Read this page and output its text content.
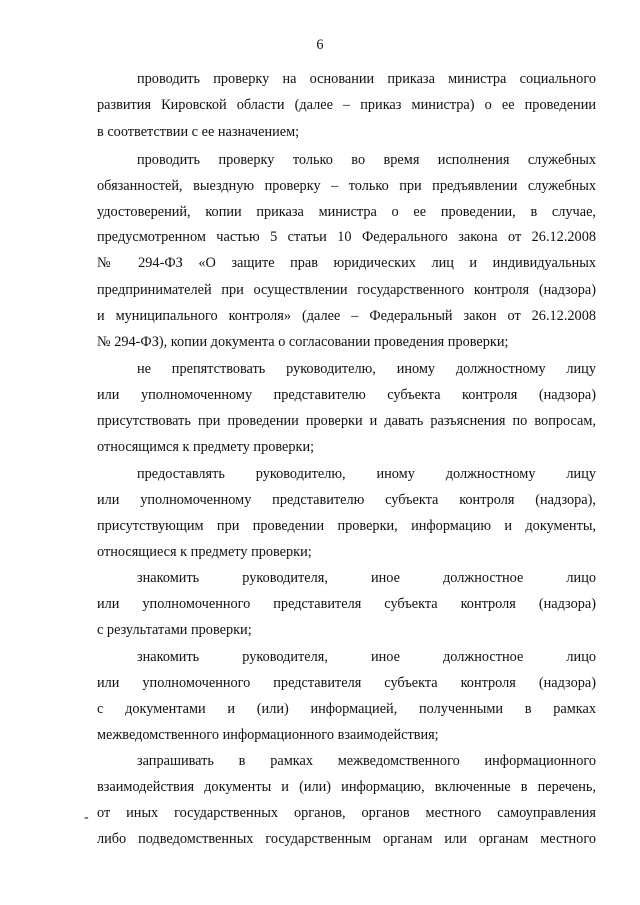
6
проводить проверку на основании приказа министра социального
развития Кировской области (далее – приказ министра) о ее проведении
в соответствии с ее назначением;
проводить проверку только во время исполнения служебных
обязанностей, выездную проверку – только при предъявлении служебных
удостоверений, копии приказа министра о ее проведении, в случае,
предусмотренном частью 5 статьи 10 Федерального закона от 26.12.2008
№ 294-ФЗ «О защите прав юридических лиц и индивидуальных
предпринимателей при осуществлении государственного контроля (надзора)
и муниципального контроля» (далее – Федеральный закон от 26.12.2008
№ 294-ФЗ), копии документа о согласовании проведения проверки;
не препятствовать руководителю, иному должностному лицу
или уполномоченному представителю субъекта контроля (надзора)
присутствовать при проведении проверки и давать разъяснения по вопросам,
относящимся к предмету проверки;
предоставлять руководителю, иному должностному лицу
или уполномоченному представителю субъекта контроля (надзора),
присутствующим при проведении проверки, информацию и документы,
относящиеся к предмету проверки;
знакомить руководителя, иное должностное лицо
или уполномоченного представителя субъекта контроля (надзора)
с результатами проверки;
знакомить руководителя, иное должностное лицо
или уполномоченного представителя субъекта контроля (надзора)
с документами и (или) информацией, полученными в рамках
межведомственного информационного взаимодействия;
запрашивать в рамках межведомственного информационного
взаимодействия документы и (или) информацию, включенные в перечень,
от иных государственных органов, органов местного самоуправления
либо подведомственных государственным органам или органам местного
-
